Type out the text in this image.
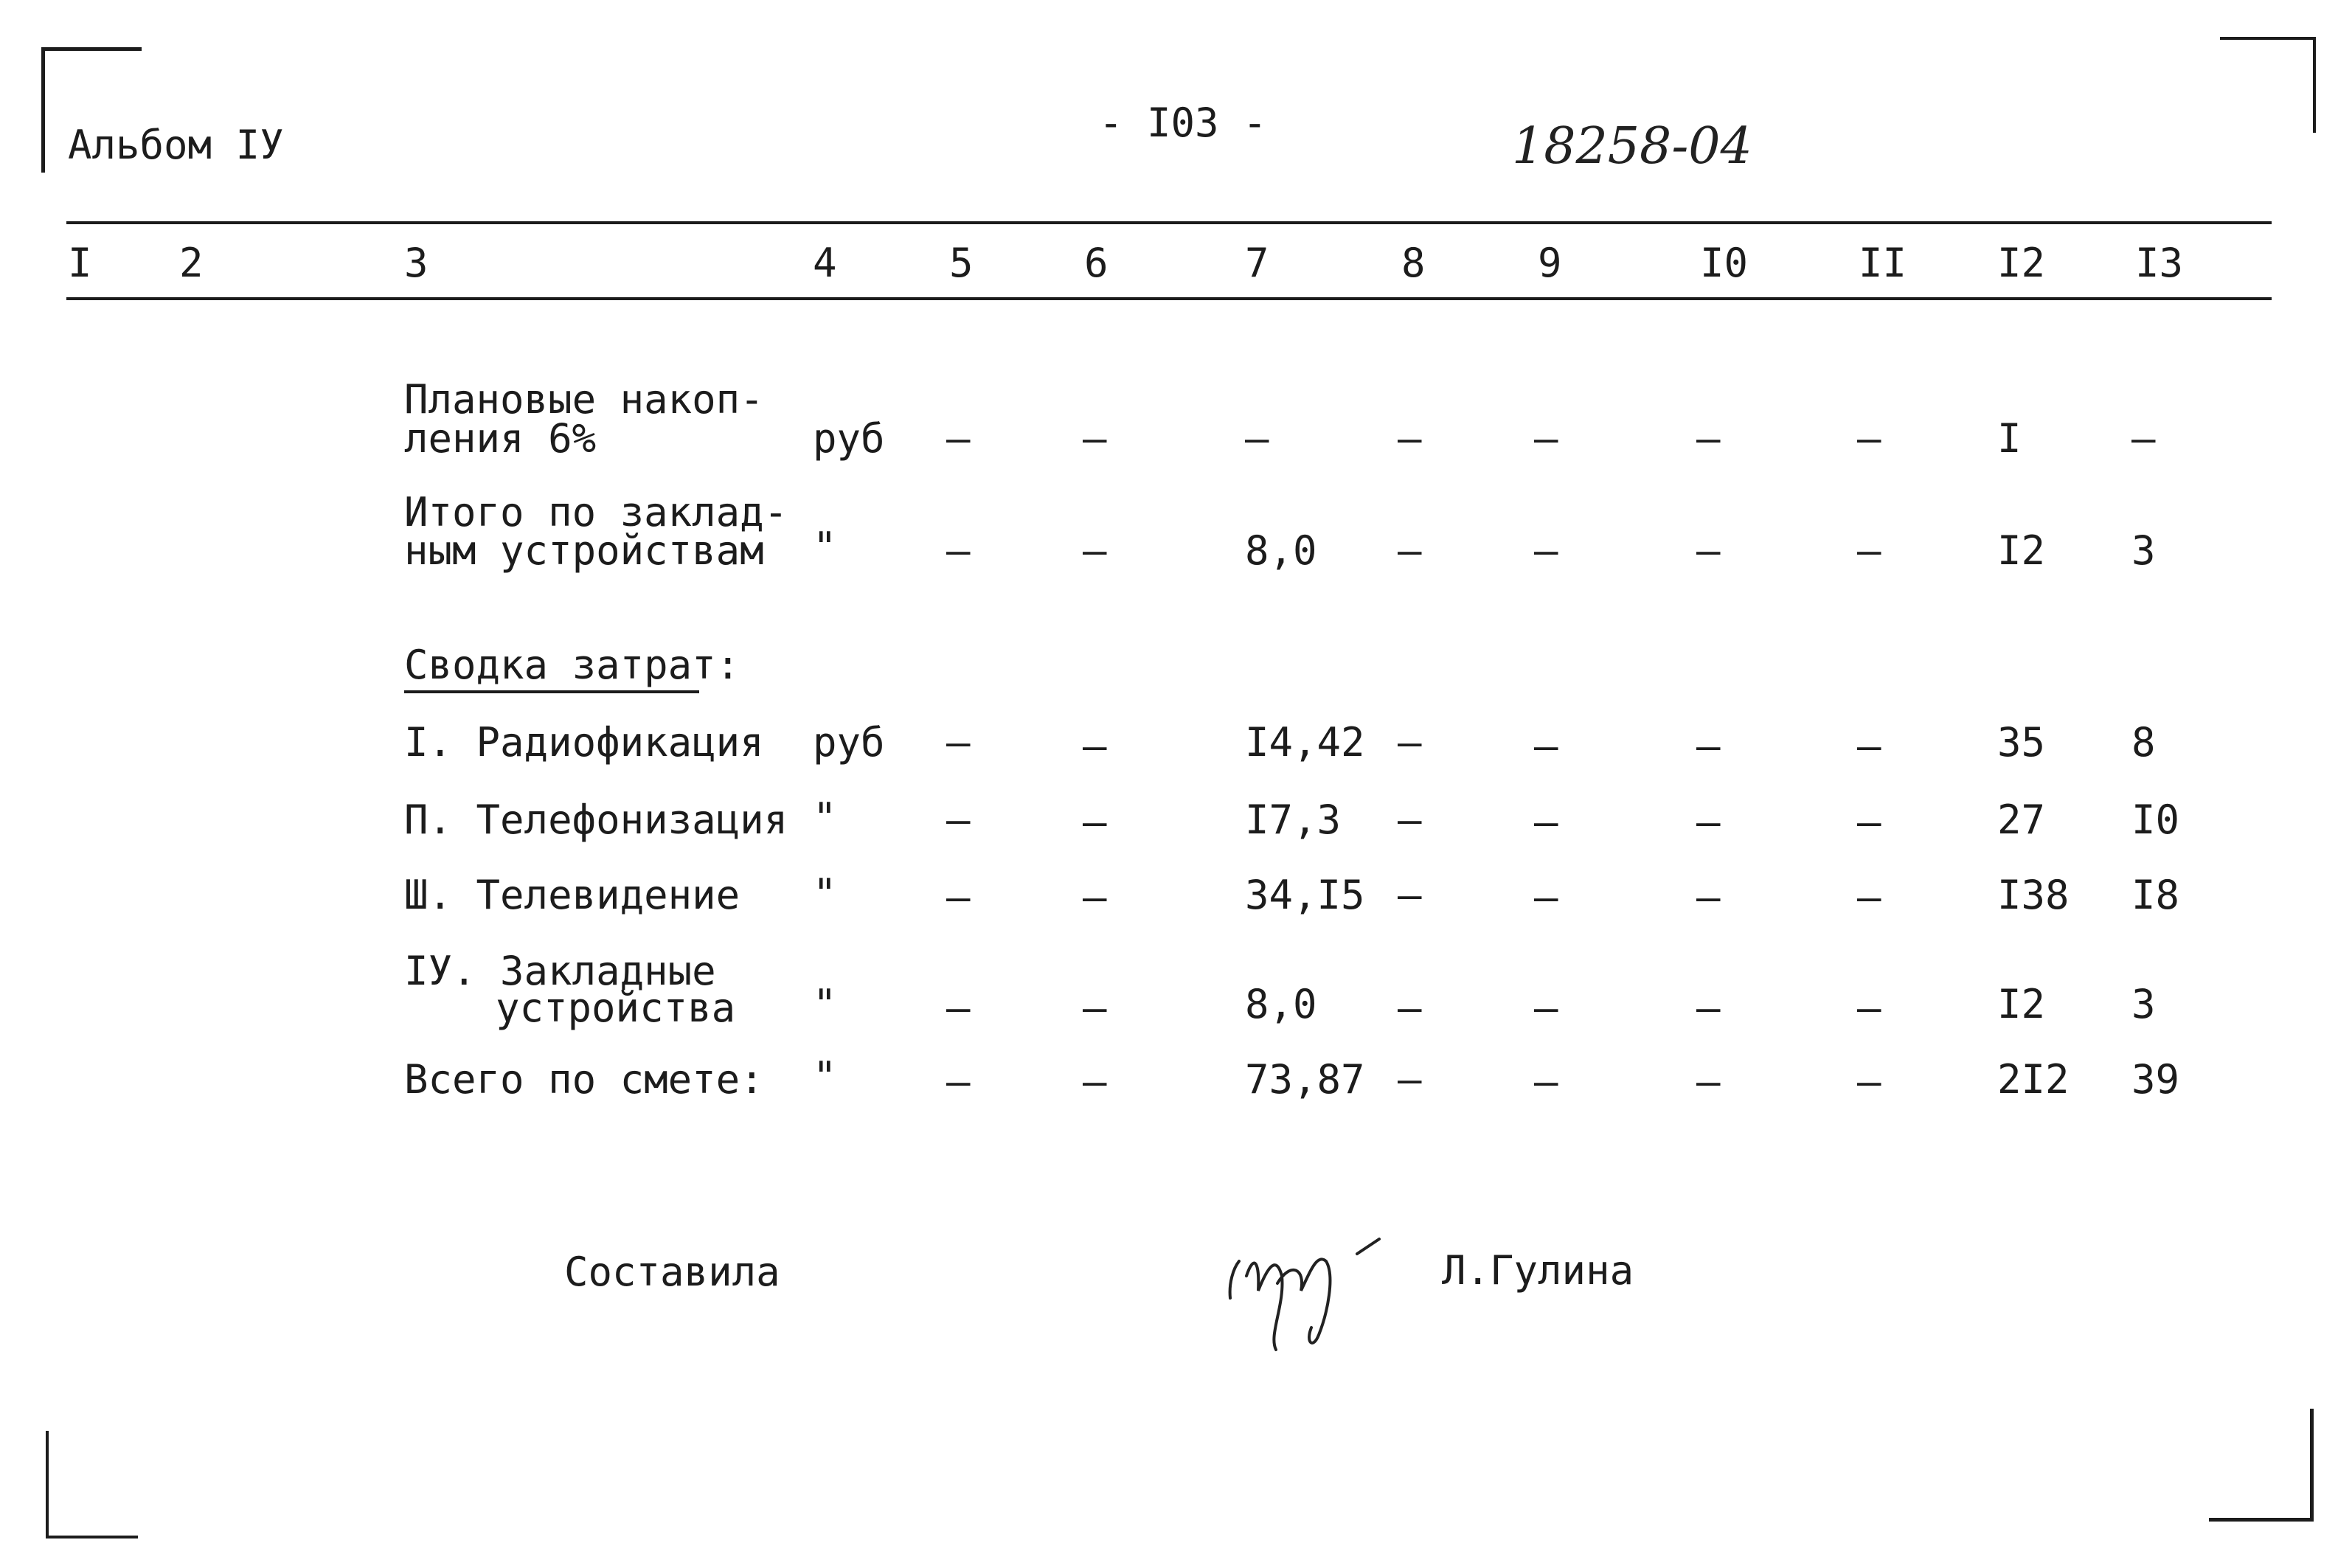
Альбом IУ	- I03 -	18258-04
I 2	3	4	5	6	7	8	9	I0	II I2 I3
Плановые накоп-
ления 6%	руб –	–	–	–	–	–	–	I	–
Итого по заклад-
ным устройствам "	–	–	8,0 –	–	–	–	I2 3
Сводка затрат:
I. Радиофикация руб –	–	I4,42 –	–	–	–	35 8
П. Телефонизация "	–	–	I7,3 –	–	–	–	27 I0
Ш. Телевидение "	–	–	34,I5 –	–	–	–	I38 I8
IУ. Закладные
устройства "	–	–	8,0 –	–	–	–	I2 3
Всего по смете: "	–	–	73,87 –	–	–	–	2I2 39
Составила	Л.Гулина
